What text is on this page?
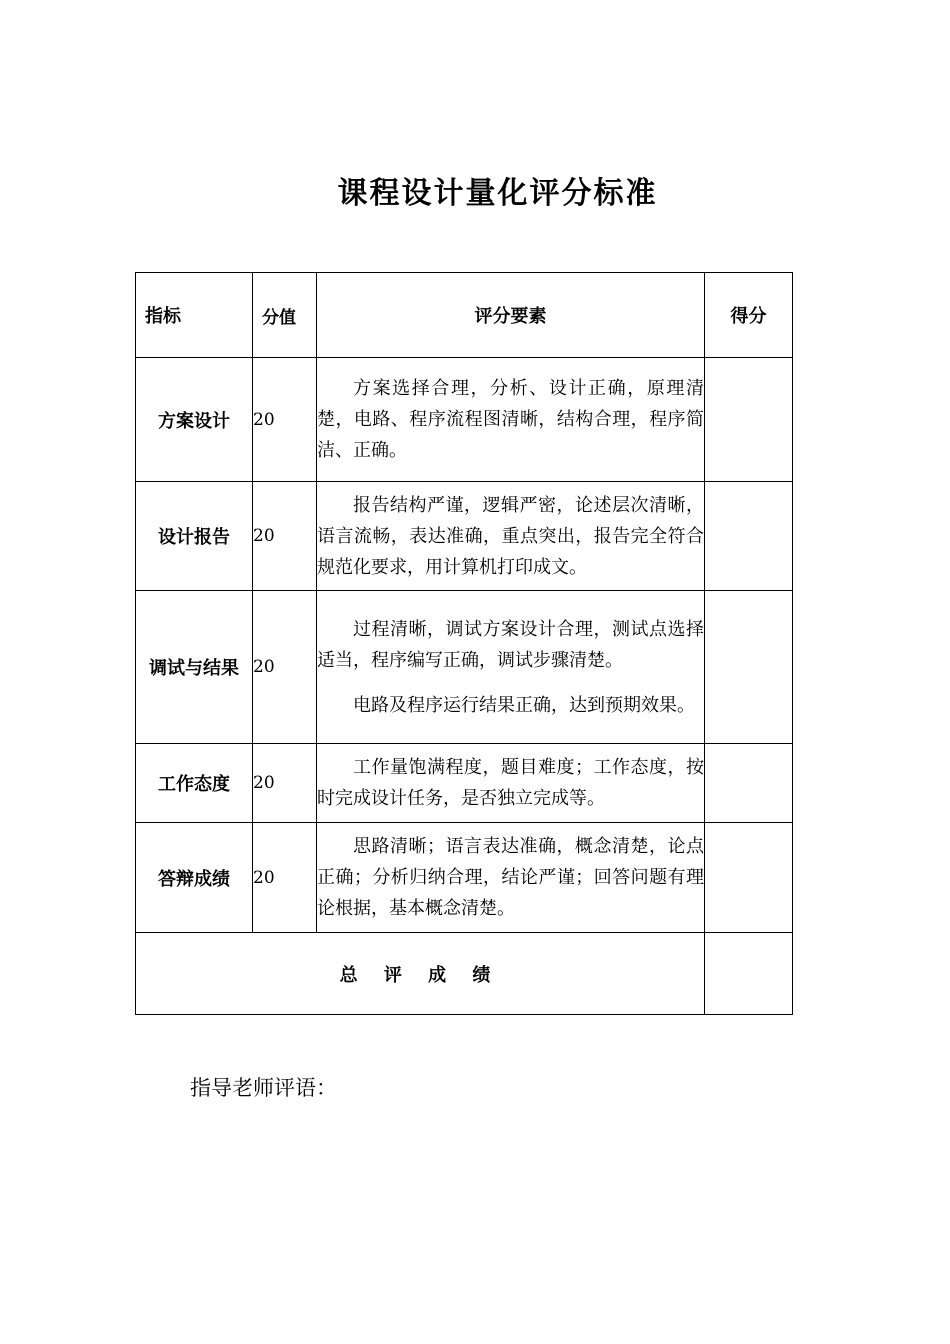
课程设计量化评分标准
指标	分值	评分要素	得分
方案设计	20	方案选择合理，分析、设计正确，原理清楚，电路、程序流程图清晰，结构合理，程序简洁、正确。	

设计报告	20	报告结构严谨，逻辑严密，论述层次清晰，语言流畅，表达准确，重点突出，报告完全符合规范化要求，用计算机打印成文。	

调试与结果	20	过程清晰，调试方案设计合理，测试点选择适当，程序编写正确，调试步骤清楚。

电路及程序运行结果正确，达到预期效果。	

工作态度	20	工作量饱满程度，题目难度；工作态度，按时完成设计任务，是否独立完成等。	

答辩成绩	20	思路清晰；语言表达准确，概念清楚，论点正确；分析归纳合理，结论严谨；回答问题有理论根据，基本概念清楚。	

总 评 成 绩			
指导老师评语：
